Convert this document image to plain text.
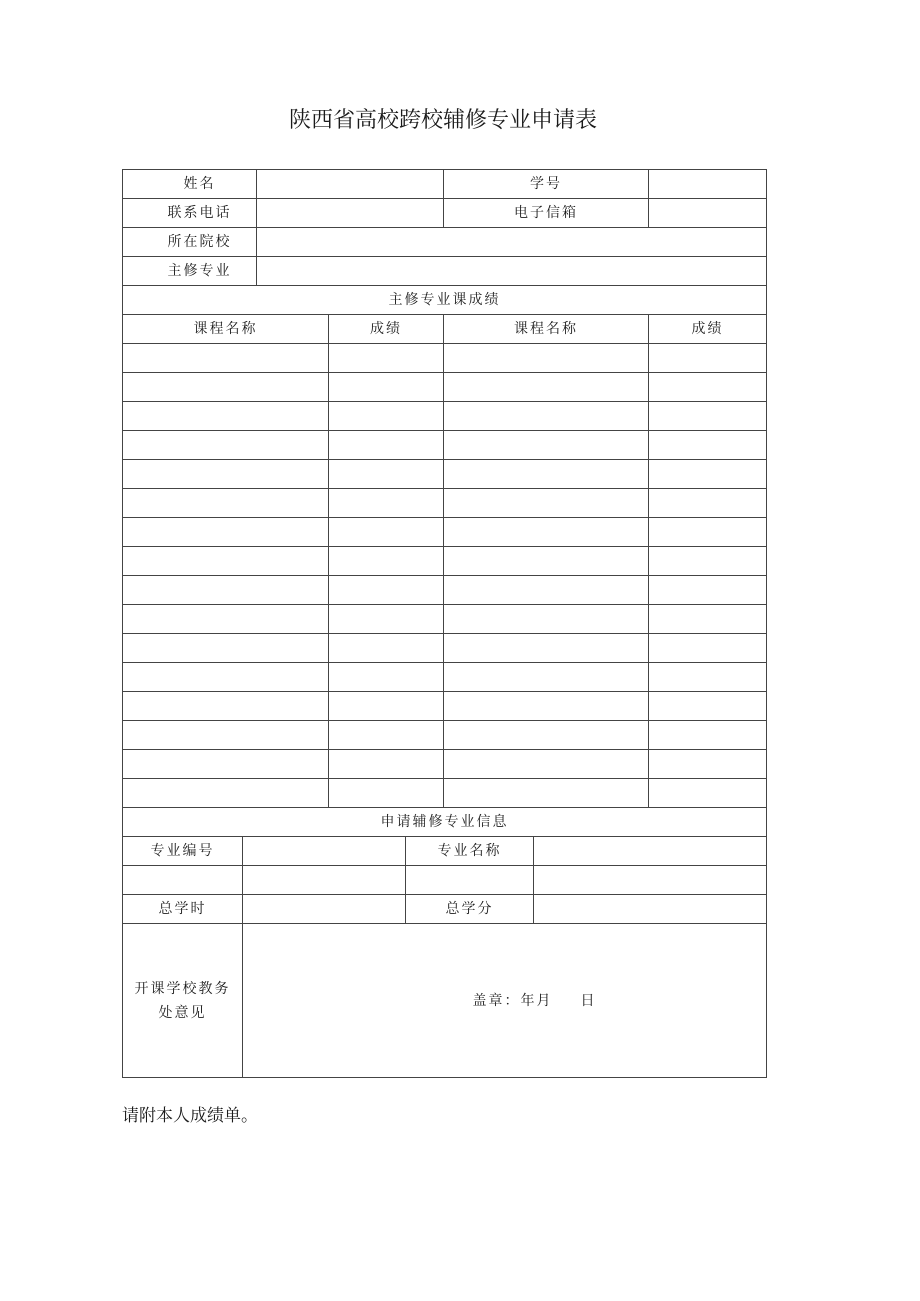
陕西省高校跨校辅修专业申请表
姓名					学号		
联系电话					电子信箱		
所在院校							
主修专业							
主修专业课成绩							
课程名称			成绩		课程名称		成绩

申请辅修专业信息							
专业编号				专业名称			

总学时				总学分			

开课学校教务
处意见	盖章：年月 日						
请附本人成绩单。
